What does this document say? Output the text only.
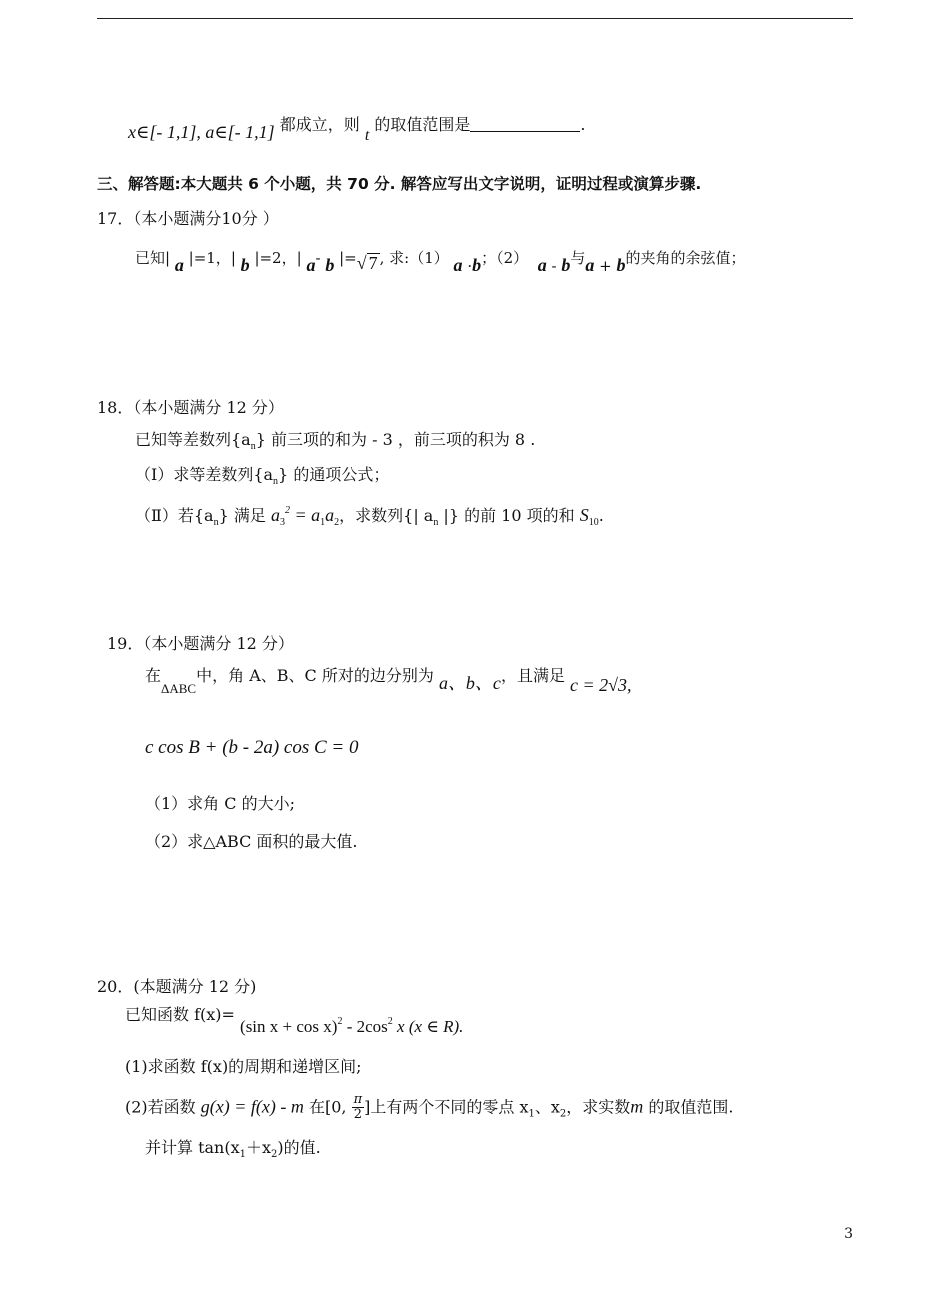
x∈[- 1,1], a∈[- 1,1] 都成立，则 t 的取值范围是	.
三、解答题:本大题共 6 个小题，共 70 分. 解答应写出文字说明，证明过程或演算步骤.
17．（本小题满分10分 ）
已知| a |=1，| b |=2，| a- b |=√ 7 , 求:（1） a ·b；（2） a - b与a + b的夹角的余弦值；
18．（本小题满分 12 分）
已知等差数列$\{a_n\}$ 前三项的和为 - 3 ，前三项的积为 8 .
（Ⅰ）求等差数列$\{a_n\}$ 的通项公式；
（Ⅱ）若$\{a_n\}$ 满足 $a_3^2 = a_1a_2$，求数列{| $a_n$ |} 的前 10 项的和 $S_{10}$.
19．（本小题满分 12 分）
在$_{\Delta ABC}$中，角 A、B、C 所对的边分别为 a、b、c，且满足 c = 2√3,
c cos B + (b - 2a) cos C = 0
（1）求角 C 的大小;
（2）求△ABC 面积的最大值.
20．(本题满分 12 分)
已知函数 f(x)= (sin $x + \cos x)^2 - 2\cos^2$ x (x ∈ R).
(1)求函数 f(x)的周期和递增区间;
(2)若函数 g(x) = f(x) - m 在[0, $\frac{\pi}{2}$ ]上有两个不同的零点 $x_1$、$x_2$，求实数m 的取值范围.
并计算 $\tan(x_1+x_2)$的值.
3
